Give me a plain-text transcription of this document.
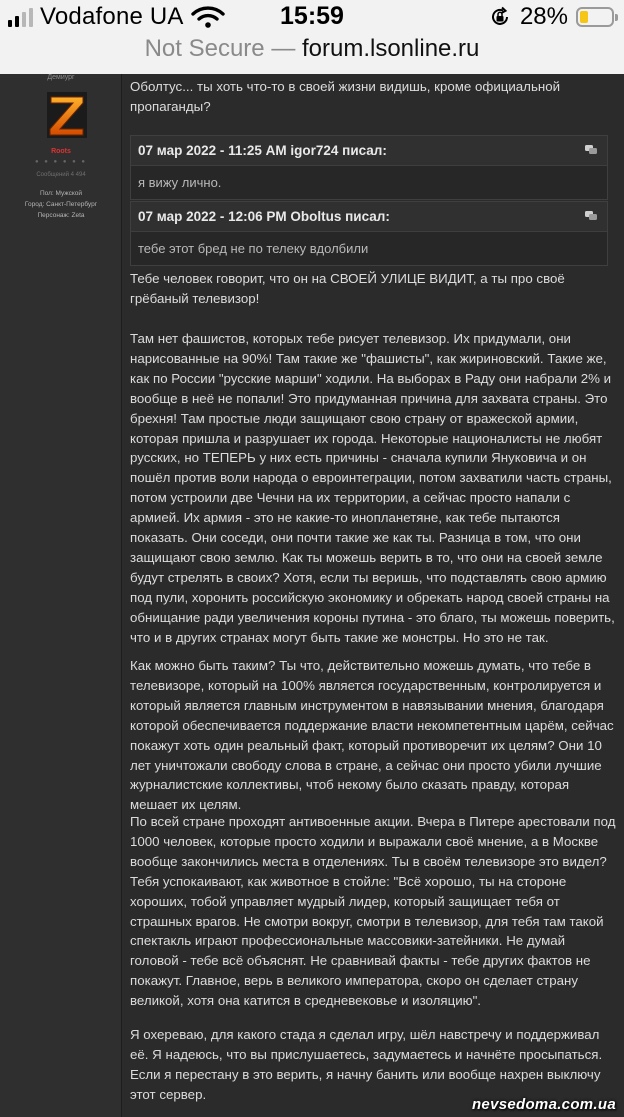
Vodafone UA	15:59	28%
Not Secure — forum.lsonline.ru
Демиург
Roots
● ● ● ● ● ●
Сообщений 4 494
Пол: Мужской
Город: Санкт-Петербург
Персонаж: Zeta
Оболтус... ты хоть что-то в своей жизни видишь, кроме официальной пропаганды?
07 мар 2022 - 11:25 AM igor724 писал:
я вижу лично.
07 мар 2022 - 12:06 PM Oboltus писал:
тебе этот бред не по телеку вдолбили
Тебе человек говорит, что он на СВОЕЙ УЛИЦЕ ВИДИТ, а ты про своё грёбаный телевизор!
Там нет фашистов, которых тебе рисует телевизор. Их придумали, они нарисованные на 90%! Там такие же "фашисты", как жириновский. Такие же, как по России "русские марши" ходили. На выборах в Раду они набрали 2% и вообще в неё не попали! Это придуманная причина для захвата страны. Это брехня! Там простые люди защищают свою страну от вражеской армии, которая пришла и разрушает их города. Некоторые националисты не любят русских, но ТЕПЕРЬ у них есть причины - сначала купили Януковича и он пошёл против воли народа о евроинтеграции, потом захватили часть страны, потом устроили две Чечни на их территории, а сейчас просто напали с армией. Их армия - это не какие-то инопланетяне, как тебе пытаются показать. Они соседи, они почти такие же как ты. Разница в том, что они защищают свою землю. Как ты можешь верить в то, что они на своей земле будут стрелять в своих? Хотя, если ты веришь, что подставлять свою армию под пули, хоронить российскую экономику и обрекать народ своей страны на обнищание ради увеличения короны путина - это благо, ты можешь поверить, что и в других странах могут быть такие же монстры. Но это не так.
Как можно быть таким? Ты что, действительно можешь думать, что тебе в телевизоре, который на 100% является государственным, контролируется и который является главным инструментом в навязывании мнения, благодаря которой обеспечивается поддержание власти некомпетентным царём, сейчас покажут хоть один реальный факт, который противоречит их целям? Они 10 лет уничтожали свободу слова в стране, а сейчас они просто убили лучшие журналистские коллективы, чтоб некому было сказать правду, которая мешает их целям.
По всей стране проходят антивоенные акции. Вчера в Питере арестовали под 1000 человек, которые просто ходили и выражали своё мнение, а в Москве вообще закончились места в отделениях. Ты в своём телевизоре это видел? Тебя успокаивают, как животное в стойле: "Всё хорошо, ты на стороне хороших, тобой управляет мудрый лидер, который защищает тебя от страшных врагов. Не смотри вокруг, смотри в телевизор, для тебя там такой спектакль играют профессиональные массовики-затейники. Не думай головой - тебе всё объяснят. Не сравнивай факты - тебе других фактов не покажут. Главное, верь в великого императора, скоро он сделает страну великой, хотя она катится в средневековье и изоляцию".
Я охереваю, для какого стада я сделал игру, шёл навстречу и поддерживал её. Я надеюсь, что вы прислушаетесь, задумаетесь и начнёте просыпаться. Если я перестану в это верить, я начну банить или вообще нахрен выключу этот сервер.
nevsedoma.com.ua
